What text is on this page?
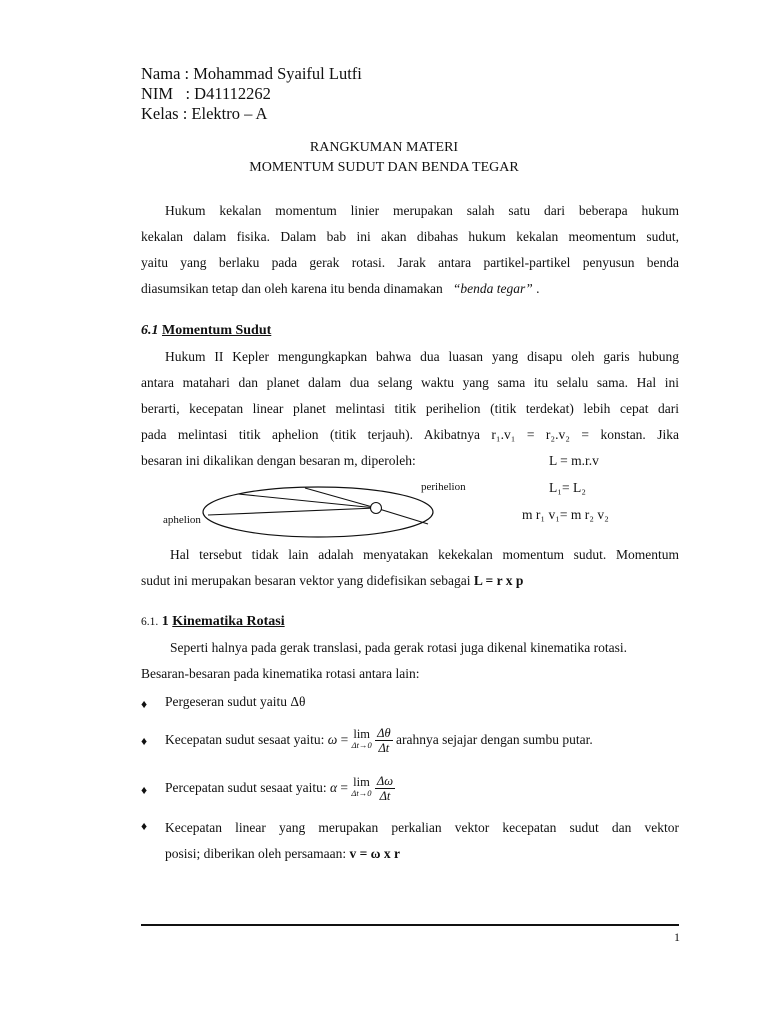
Nama : Mohammad Syaiful Lutfi
NIM   : D41112262
Kelas : Elektro – A
RANGKUMAN MATERI
MOMENTUM SUDUT DAN BENDA TEGAR
Hukum kekalan momentum linier merupakan salah satu dari beberapa hukum
kekalan dalam fisika. Dalam bab ini akan dibahas hukum kekalan meomentum sudut,
yaitu yang berlaku pada gerak rotasi. Jarak antara partikel-partikel penyusun benda
diasumsikan tetap dan oleh karena itu benda dinamakan “benda tegar” .
6.1 Momentum Sudut
Hukum II Kepler mengungkapkan bahwa dua luasan yang disapu oleh garis hubung
antara matahari dan planet dalam dua selang waktu yang sama itu selalu sama. Hal ini
berarti, kecepatan linear planet melintasi titik perihelion (titik terdekat) lebih cepat dari
pada melintasi titik aphelion (titik terjauh). Akibatnya r₁.v₁ = r₂.v₂ = konstan. Jika
besaran ini dikalikan dengan besaran m, diperoleh:	L = m.r.v
L₁= L₂
m r₁ v₁= m r₂ v₂
perihelion
aphelion
Hal tersebut tidak lain adalah menyatakan kekekalan momentum sudut. Momentum
sudut ini merupakan besaran vektor yang didefisikan sebagai L = r x p
6.1. 1 Kinematika Rotasi
Seperti halnya pada gerak translasi, pada gerak rotasi juga dikenal kinematika rotasi.
Besaran-besaran pada kinematika rotasi antara lain:
♦ Pergeseran sudut yaitu Δθ
♦ Kecepatan sudut sesaat yaitu:
ω = lim
Δt→0
$\frac{\Delta\theta}{\Delta t}$
arahnya sejajar dengan sumbu putar.
♦ Percepatan sudut sesaat yaitu:
α = lim
Δt→0
$\frac{\Delta\omega}{\Delta t}$
♦ Kecepatan linear yang merupakan perkalian vektor kecepatan sudut dan vektor
posisi; diberikan oleh persamaan: v = ω x r
1
